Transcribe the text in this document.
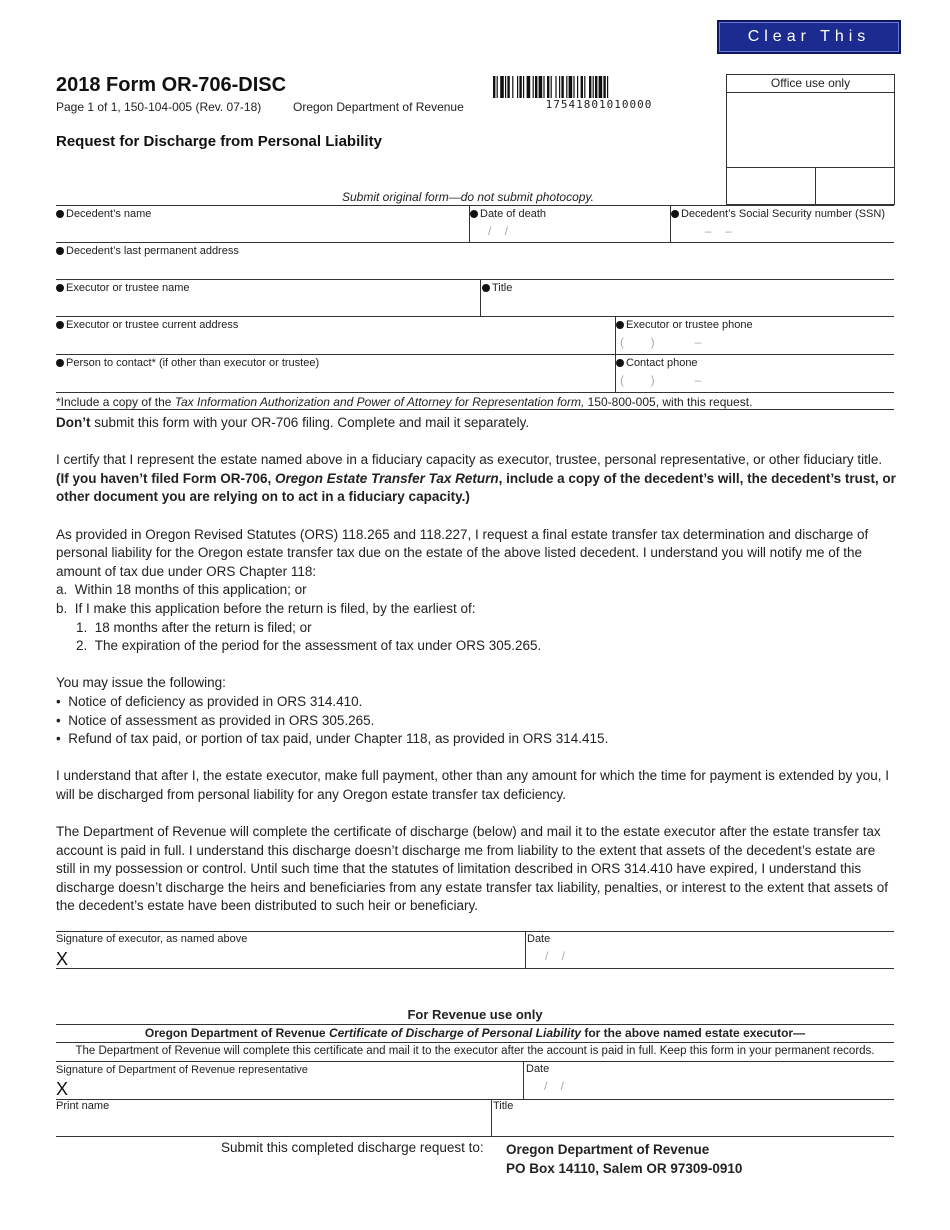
Clear This Page
2018 Form OR-706-DISC
Page 1 of 1, 150-104-005 (Rev. 07-18)	Oregon Department of Revenue	17541801010000
Office use only
Request for Discharge from Personal Liability
Submit original form—do not submit photocopy.
Decedent’s name	Date of death
/    /
Decedent’s Social Security number (SSN)
–    –
Decedent’s last permanent address
Executor or trustee name	Title
Executor or trustee current address	Executor or trustee phone
(        )            –
Person to contact* (if other than executor or trustee)	Contact phone
(        )            –
*Include a copy of the Tax Information Authorization and Power of Attorney for Representation form, 150-800-005, with this request.

Don’t submit this form with your OR-706 filing. Complete and mail it separately.

I certify that I represent the estate named above in a fiduciary capacity as executor, trustee, personal representative, or other fiduciary title. (If you haven’t filed Form OR-706, Oregon Estate Transfer Tax Return, include a copy of the decedent’s will, the decedent’s trust, or other document you are relying on to act in a fiduciary capacity.)

As provided in Oregon Revised Statutes (ORS) 118.265 and 118.227, I request a final estate transfer tax determination and discharge of personal liability for the Oregon estate transfer tax due on the estate of the above listed decedent. I understand you will notify me of the amount of tax due under ORS Chapter 118:
a.  Within 18 months of this application; or
b.  If I make this application before the return is filed, by the earliest of:
1.  18 months after the return is filed; or
2.  The expiration of the period for the assessment of tax under ORS 305.265.

You may issue the following:
•  Notice of deficiency as provided in ORS 314.410.
•  Notice of assessment as provided in ORS 305.265.
•  Refund of tax paid, or portion of tax paid, under Chapter 118, as provided in ORS 314.415.

I understand that after I, the estate executor, make full payment, other than any amount for which the time for payment is extended by you, I will be discharged from personal liability for any Oregon estate transfer tax deficiency.

The Department of Revenue will complete the certificate of discharge (below) and mail it to the estate executor after the estate transfer tax account is paid in full. I understand this discharge doesn’t discharge me from liability to the extent that assets of the decedent’s estate are still in my possession or control. Until such time that the statutes of limitation described in ORS 314.410 have expired, I understand this discharge doesn’t discharge the heirs and beneficiaries from any estate transfer tax liability, penalties, or interest to the extent that assets of the decedent’s estate have been distributed to such heir or beneficiary.

Signature of executor, as named above
X
Date
/    /
For Revenue use only
Oregon Department of Revenue Certificate of Discharge of Personal Liability for the above named estate executor—
The Department of Revenue will complete this certificate and mail it to the executor after the account is paid in full. Keep this form in your permanent records.
Signature of Department of Revenue representative
X
Date
/    /
Print name	Title
Submit this completed discharge request to: Oregon Department of Revenue
PO Box 14110, Salem OR 97309-0910
